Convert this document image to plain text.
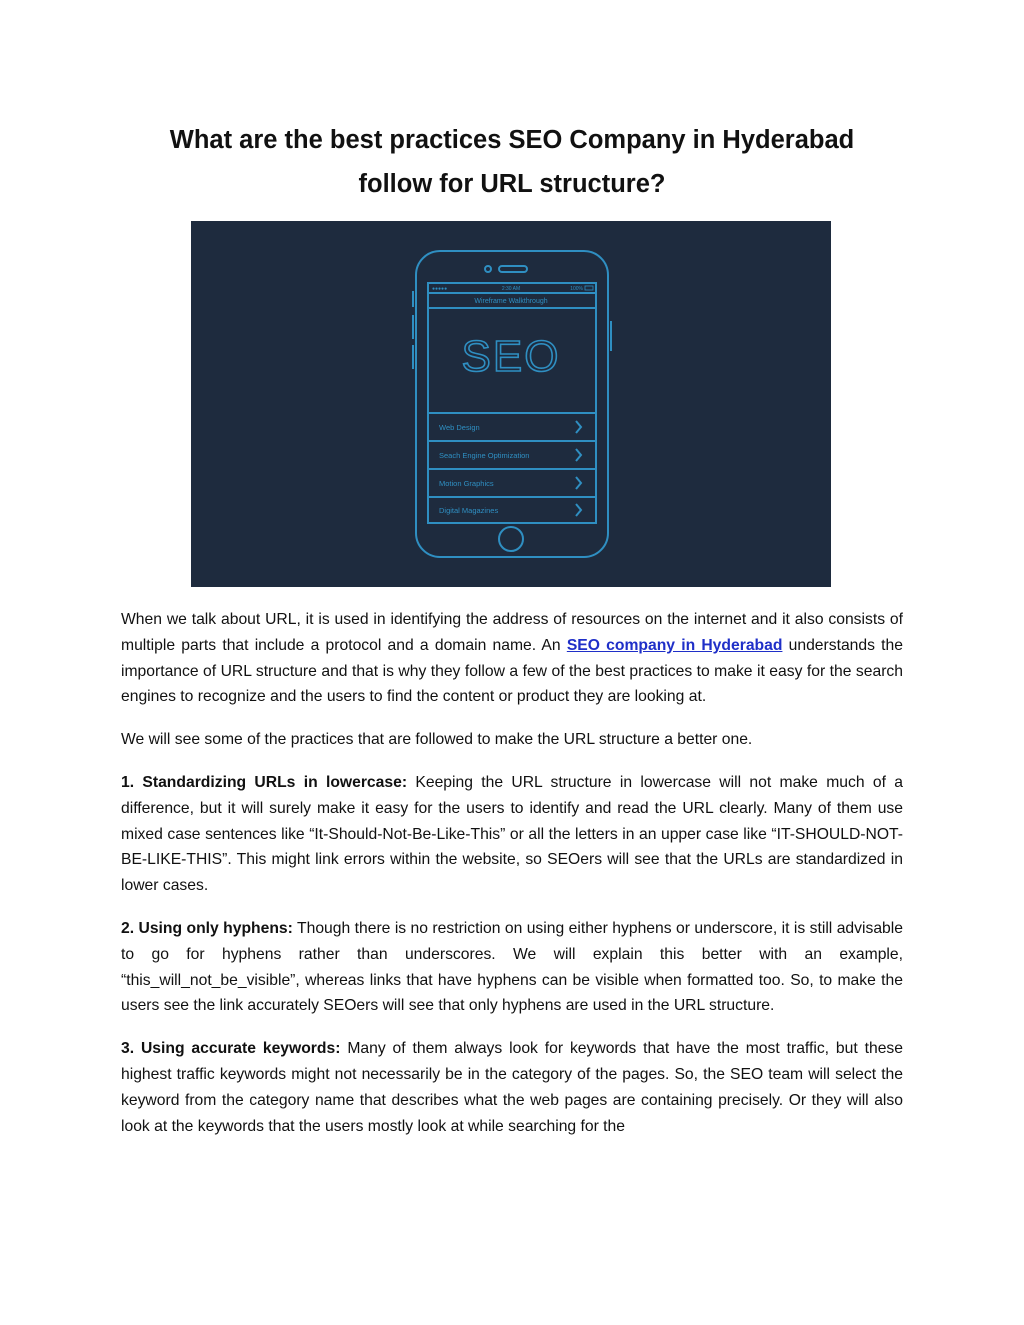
What are the best practices SEO Company in Hyderabad
follow for URL structure?
●●●●●	2:30 AM	100%
Wireframe Walkthrough
SEO
Web Design
Seach Engine Optimization
Motion Graphics
Digital Magazines

When we talk about URL, it is used in identifying the address of resources on the internet and it also consists of multiple parts that include a protocol and a domain name. An SEO company in Hyderabad understands the importance of URL structure and that is why they follow a few of the best practices to make it easy for the search engines to recognize and the users to find the content or product they are looking at.

We will see some of the practices that are followed to make the URL structure a better one.

1. Standardizing URLs in lowercase: Keeping the URL structure in lowercase will not make much of a difference, but it will surely make it easy for the users to identify and read the URL clearly. Many of them use mixed case sentences like “It-Should-Not-Be-Like-This” or all the letters in an upper case like “IT-SHOULD-NOT-BE-LIKE-THIS”. This might link errors within the website, so SEOers will see that the URLs are standardized in lower cases.

2. Using only hyphens: Though there is no restriction on using either hyphens or underscore, it is still advisable to go for hyphens rather than underscores. We will explain this better with an example, “this_will_not_be_visible”, whereas links that have hyphens can be visible when formatted too. So, to make the users see the link accurately SEOers will see that only hyphens are used in the URL structure.

3. Using accurate keywords: Many of them always look for keywords that have the most traffic, but these highest traffic keywords might not necessarily be in the category of the pages. So, the SEO team will select the keyword from the category name that describes what the web pages are containing precisely. Or they will also look at the keywords that the users mostly look at while searching for the
